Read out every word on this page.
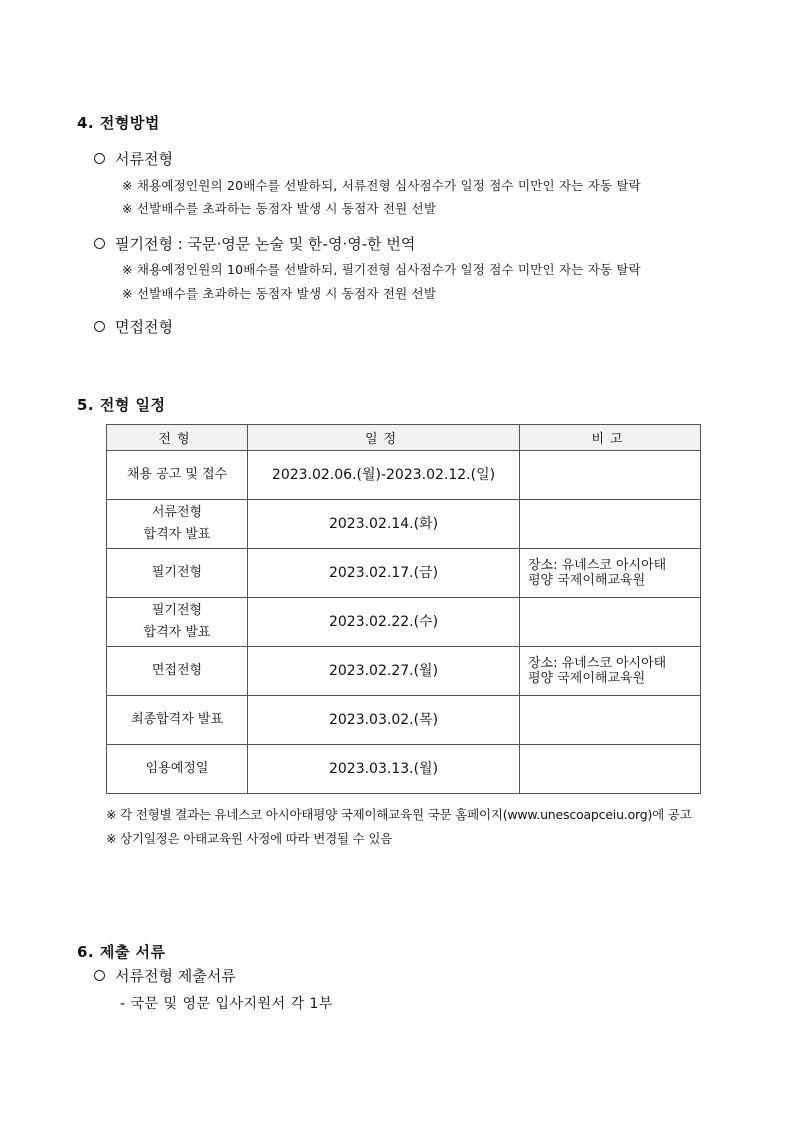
4. 전형방법
서류전형
※ 채용예정인원의 20배수를 선발하되, 서류전형 심사점수가 일정 점수 미만인 자는 자동 탈락
※ 선발배수를 초과하는 동점자 발생 시 동점자 전원 선발
필기전형 : 국문·영문 논술 및 한-영·영-한 번역
※ 채용예정인원의 10배수를 선발하되, 필기전형 심사점수가 일정 점수 미만인 자는 자동 탈락
※ 선발배수를 초과하는 동점자 발생 시 동점자 전원 선발
면접전형
5. 전형 일정
전형	일정	비고
채용 공고 및 접수	2023.02.06.(월)-2023.02.12.(일)	

서류전형
합격자 발표	2023.02.14.(화)	
필기전형	2023.02.17.(금)	장소: 유네스코 아시아태
평양 국제이해교육원

필기전형
합격자 발표	2023.02.22.(수)	
면접전형	2023.02.27.(월)	장소: 유네스코 아시아태
평양 국제이해교육원

최종합격자 발표	2023.03.02.(목)	
임용예정일	2023.03.13.(월)	
※ 각 전형별 결과는 유네스코 아시아태평양 국제이해교육원 국문 홈페이지(www.unescoapceiu.org)에 공고
※ 상기일정은 아태교육원 사정에 따라 변경될 수 있음
6. 제출 서류
서류전형 제출서류
- 국문 및 영문 입사지원서 각 1부
